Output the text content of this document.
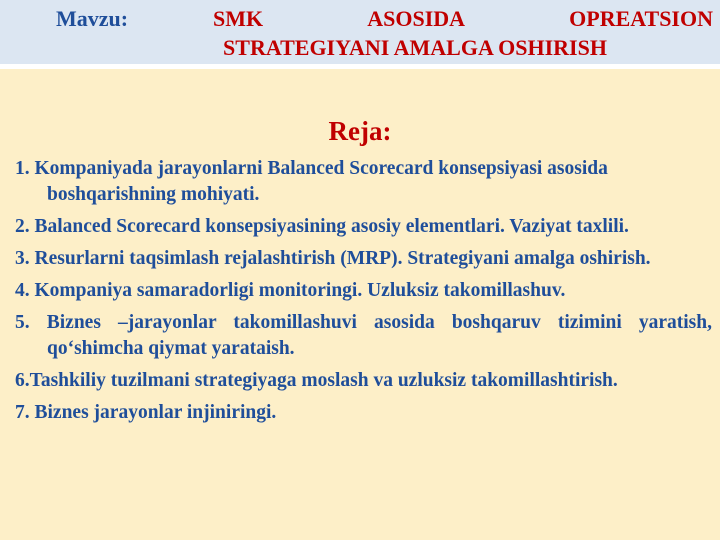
Mavzu:	SMK	ASOSIDA	OPREATSION
STRATEGIYANI AMALGA OSHIRISH
Reja:
1. Kompaniyada jarayonlarni Balanced Scorecard konsepsiyasi asosida boshqarishning mohiyati.
2. Balanced Scorecard konsepsiyasining asosiy elementlari. Vaziyat taxlili.
3. Resurlarni taqsimlash rejalashtirish (MRP). Strategiyani amalga oshirish.
4. Kompaniya samaradorligi monitoringi. Uzluksiz takomillashuv.
5. Biznes –jarayonlar takomillashuvi asosida boshqaruv tizimini yaratish, qo‘shimcha qiymat yarataish.
6.Tashkiliy tuzilmani strategiyaga moslash va uzluksiz takomillashtirish.
7. Biznes jarayonlar injiniringi.
